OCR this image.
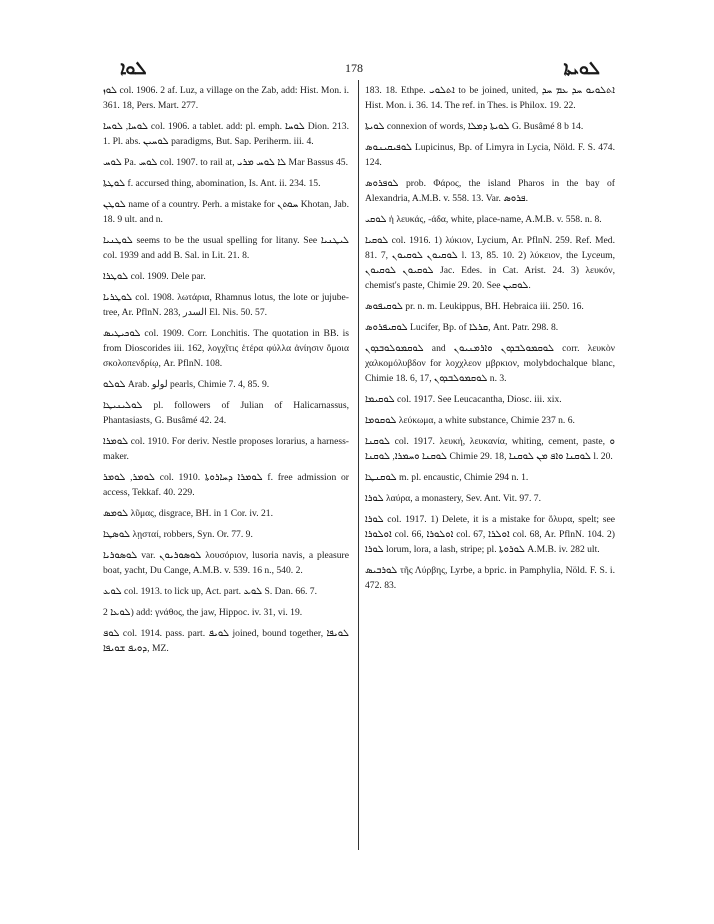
ܠܘܐ	178	ܠܘܝܬܐ

ܠܘܙ col. 1906. 2 af. Luz, a village on the Zab, add: Hist. Mon. i. 361. 18, Pers. Mart. 277.

ܠܘܚܐ, ܠܘܚܐ col. 1906. a tablet. add: pl. emph. ܠܘܚܐ Dion. 213. 1. Pl. abs. ܠܘܚܝܢ paradigms, But. Sap. Periherm. iii. 4.

ܠܘܚ Pa. ܠܘܚ col. 1907. to rail at, ܠܐ ܠܘܚ ܡܪܝ Mar Bassus 45.

ܠܘܛܬܐ f. accursed thing, abomination, Is. Ant. ii. 234. 15.

ܠܘܛܢ name of a country. Perh. a mistake for ܚܘܬܢ Khotan, Jab. 18. 9 ult. and n.

ܠܘܛܢܝܐ seems to be the usual spelling for litany. See ܠܝܛܢܝܐ col. 1939 and add B. Sal. in Lit. 21. 8.

ܠܘܛܪܐ col. 1909. Dele par.

ܠܘܛܪܝܐ col. 1908. λωτάρια, Rhamnus lotus, the lote or jujube-tree, Ar. PflnN. 283, السدر El. Nis. 50. 57.

ܠܘܟܝܛܝܣ col. 1909. Corr. Lonchitis. The quotation in BB. is from Dioscorides iii. 162, λογχῖτις ἑτέρα φύλλα ἀνίησιν ὅμοια σκολοπενδρίῳ, Ar. PflnN. 108.

ܠܘܠܘ Arab. لولو pearls, Chimie 7. 4, 85. 9.

ܠܘܠܝܢܝܛܐ pl. followers of Julian of Halicarnassus, Phantasiasts, G. Busâmé 42. 24.

ܠܘܡܪܐ col. 1910. For deriv. Nestle proposes lorarius, a harness-maker.

ܠܘܡܪ, ܠܘܡܪ col. 1910. ܠܘܡܪܐ ܕܚܐܪܘܬܐ f. free admission or access, Tekkaf. 40. 229.

ܠܘܡܣ λῦμας, disgrace, BH. in 1 Cor. iv. 21.

ܠܘܣܛܐ λῃσταί, robbers, Syn. Or. 77. 9.

ܠܘܣܘܪܝܐ var. ܠܘܣܘܪܝܘܢ λουσόριον, lusoria navis, a pleasure boat, yacht, Du Cange, A.M.B. v. 539. 16 n., 540. 2.

ܠܘܥ col. 1913. to lick up, Act. part. ܠܘܥ S. Dan. 66. 7.

ܠܘܥܐ 2) add: γνάθος, the jaw, Hippoc. iv. 31, vi. 19.

ܠܘܦ col. 1914. pass. part. ܠܘܝܦ joined, bound together, ܠܘܝܦܐ ܕܘܝܦ ܫܘܝܦܐ, MZ.

183. 18. Ethpe. ܐܬܠܘܝ to be joined, united, ܐܬܠܘܝܘ ܚܕ ܥܡ ܚܕ Hist. Mon. i. 36. 14. The ref. in Thes. is Philox. 19. 22.

ܠܘܝܬܐ connexion of words, ܠܘܝܬܐ ܕܡܠܐ G. Busâmé 8 b 14.

ܠܘܦܝܩܝܢܘܣ Lupicinus, Bp. of Limyra in Lycia, Nöld. F. S. 474. 124.

ܠܘܦܪܘܣ prob. Φάρος, the island Pharos in the bay of Alexandria, A.M.B. v. 558. 13. Var. ܦܪܘܣ.

ܠܘܩܝ ἡ λευκάς, -άδα, white, place-name, A.M.B. v. 558. n. 8.

ܠܘܩܝܐ col. 1916. 1) λύκιον, Lycium, Ar. PflnN. 259. Ref. Med. 81. 7, ܠܘܩܝܘܢ ܠܘܩܝܘܢ l. 13, 85. 10. 2) λύκειον, the Lyceum, ܠܘܩܝܘܢ ܠܘܩܝܘܢ Jac. Edes. in Cat. Arist. 24. 3) λευκόν, chemist's paste, Chimie 29. 20. See ܠܘܩܝܢ.

ܠܘܩܝܦܘܣ pr. n. m. Leukippus, BH. Hebraica iii. 250. 16.

ܠܘܩܝܦܪܘܣ Lucifer, Bp. of ܩܪܠܐ, Ant. Patr. 298. 8.

ܠܘܩܡܘܠܘܒܕܘܢ and ܠܘܩܡܘܠܒܕܘܢ ܘܐܪܡܢܝܘܢ corr. λευκὸν χαλκομόλυβδον for λοχχλεον μβρκιον, molybdochalque blanc, Chimie 18. 6, 17, ܠܘܩܡܘܠܒܕܘܢ n. 3.

ܠܘܩܝܡܐ col. 1917. See Leucacantha, Diosc. iii. xix.

ܠܘܩܘܡܐ λεύκωμα, a white substance, Chimie 237 n. 6.

ܠܘܩܢܐ col. 1917. λευκή, λευκανία, whiting, cement, paste, ܘ ܠܘܩܢܐ ܘܚܡܪܐ, ܠܘܩܢܐ Chimie 29. 18, ܠܘܩܢܐ ܘܐܦ ܡܢ ܠܘܩܢܐ l. 20.

ܠܘܩܢܛܐ m. pl. encaustic, Chimie 294 n. 1.

ܠܘܪܐ λαύρα, a monastery, Sev. Ant. Vit. 97. 7.

ܠܘܪܐ col. 1917. 1) Delete, it is a mistake for ὄλυρα, spelt; see ܐܘܠܘܪܐ col. 66, ܐܘܠܘܪܐ col. 67, ܐܘܠܪܐ col. 68, Ar. PflnN. 104. 2) ܠܘܪܐ lorum, lora, a lash, stripe; pl. ܠܘܪܘܬܐ A.M.B. iv. 282 ult.

ܠܘܪܒܝܣ τῆς Λύρβης, Lyrbe, a bpric. in Pamphylia, Nöld. F. S. i. 472. 83.
